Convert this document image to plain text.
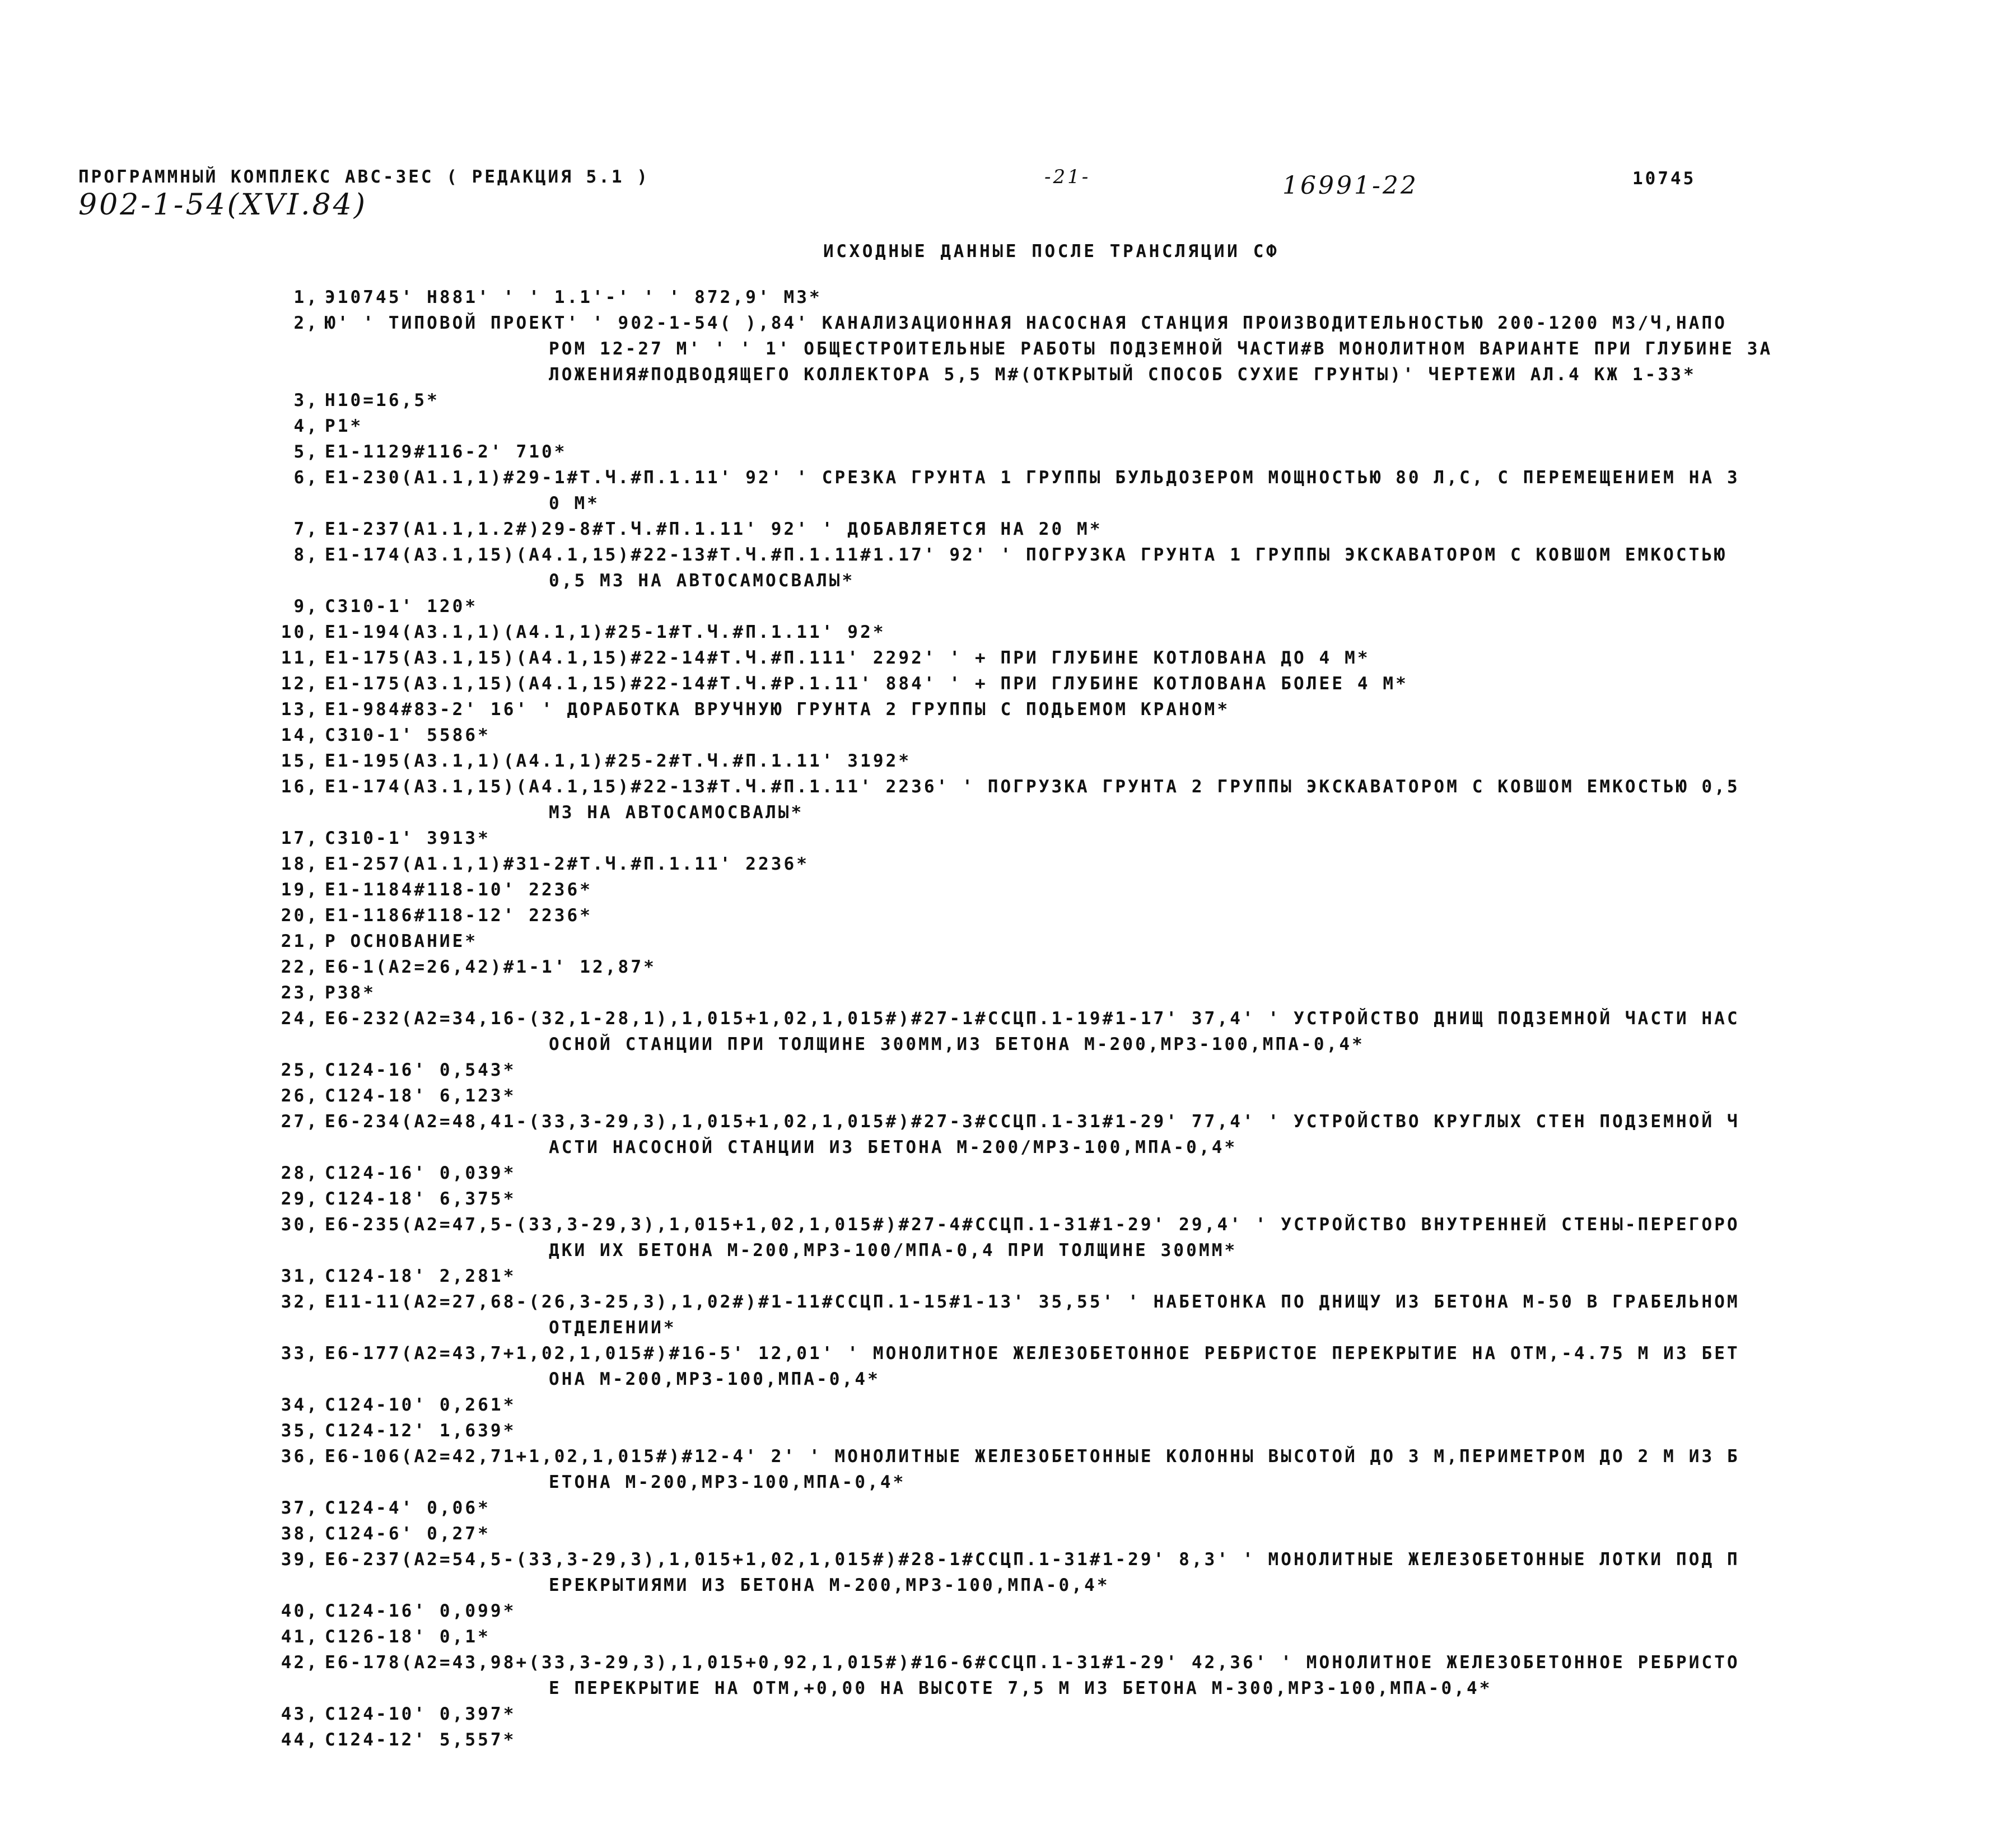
ПРОГРАММНЫЙ КОМПЛЕКС АВС-ЗЕС ( РЕДАКЦИЯ 5.1 )	-21-	16991-22	10745
902-1-54(XVI.84)
ИСХОДНЫЕ ДАННЫЕ ПОСЛЕ ТРАНСЛЯЦИИ СФ
1, Э10745' Н881' ' ' 1.1'-' ' ' 872,9' М3*
2, Ю' ' ТИПОВОЙ ПРОЕКТ' ' 902-1-54( ),84' КАНАЛИЗАЦИОННАЯ НАСОСНАЯ СТАНЦИЯ ПРОИЗВОДИТЕЛЬНОСТЬЮ 200-1200 М3/Ч,НАПО
РОМ 12-27 М' ' ' 1' ОБЩЕСТРОИТЕЛЬНЫЕ РАБОТЫ ПОДЗЕМНОЙ ЧАСТИ#В МОНОЛИТНОМ ВАРИАНТЕ ПРИ ГЛУБИНЕ ЗА
ЛОЖЕНИЯ#ПОДВОДЯЩЕГО КОЛЛЕКТОРА 5,5 М#(ОТКРЫТЫЙ СПОСОБ СУХИЕ ГРУНТЫ)' ЧЕРТЕЖИ АЛ.4 КЖ 1-33*
3, Н10=16,5*
4, Р1*
5, Е1-1129#116-2' 710*
6, Е1-230(А1.1,1)#29-1#Т.Ч.#П.1.11' 92' ' СРЕЗКА ГРУНТА 1 ГРУППЫ БУЛЬДОЗЕРОМ МОЩНОСТЬЮ 80 Л,С, С ПЕРЕМЕЩЕНИЕМ НА 3
0 М*
7, Е1-237(А1.1,1.2#)29-8#Т.Ч.#П.1.11' 92' ' ДОБАВЛЯЕТСЯ НА 20 М*
8, Е1-174(А3.1,15)(А4.1,15)#22-13#Т.Ч.#П.1.11#1.17' 92' ' ПОГРУЗКА ГРУНТА 1 ГРУППЫ ЭКСКАВАТОРОМ С КОВШОМ ЕМКОСТЬЮ
0,5 М3 НА АВТОСАМОСВАЛЫ*
9, С310-1' 120*
10, Е1-194(А3.1,1)(А4.1,1)#25-1#Т.Ч.#П.1.11' 92*
11, Е1-175(А3.1,15)(А4.1,15)#22-14#Т.Ч.#П.111' 2292' ' + ПРИ ГЛУБИНЕ КОТЛОВАНА ДО 4 М*
12, Е1-175(А3.1,15)(А4.1,15)#22-14#Т.Ч.#Р.1.11' 884' ' + ПРИ ГЛУБИНЕ КОТЛОВАНА БОЛЕЕ 4 М*
13, Е1-984#83-2' 16' ' ДОРАБОТКА ВРУЧНУЮ ГРУНТА 2 ГРУППЫ С ПОДЬЕМОМ КРАНОМ*
14, С310-1' 5586*
15, Е1-195(А3.1,1)(А4.1,1)#25-2#Т.Ч.#П.1.11' 3192*
16, Е1-174(А3.1,15)(А4.1,15)#22-13#Т.Ч.#П.1.11' 2236' ' ПОГРУЗКА ГРУНТА 2 ГРУППЫ ЭКСКАВАТОРОМ С КОВШОМ ЕМКОСТЬЮ 0,5
М3 НА АВТОСАМОСВАЛЫ*
17, С310-1' 3913*
18, Е1-257(А1.1,1)#31-2#Т.Ч.#П.1.11' 2236*
19, Е1-1184#118-10' 2236*
20, Е1-1186#118-12' 2236*
21, Р ОСНОВАНИЕ*
22, Е6-1(А2=26,42)#1-1' 12,87*
23, Р38*
24, Е6-232(А2=34,16-(32,1-28,1),1,015+1,02,1,015#)#27-1#ССЦП.1-19#1-17' 37,4' ' УСТРОЙСТВО ДНИЩ ПОДЗЕМНОЙ ЧАСТИ НАС
ОСНОЙ СТАНЦИИ ПРИ ТОЛЩИНЕ 300ММ,ИЗ БЕТОНА М-200,МРЗ-100,МПА-0,4*
25, С124-16' 0,543*
26, С124-18' 6,123*
27, Е6-234(А2=48,41-(33,3-29,3),1,015+1,02,1,015#)#27-3#ССЦП.1-31#1-29' 77,4' ' УСТРОЙСТВО КРУГЛЫХ СТЕН ПОДЗЕМНОЙ Ч
АСТИ НАСОСНОЙ СТАНЦИИ ИЗ БЕТОНА М-200/МРЗ-100,МПА-0,4*
28, С124-16' 0,039*
29, С124-18' 6,375*
30, Е6-235(А2=47,5-(33,3-29,3),1,015+1,02,1,015#)#27-4#ССЦП.1-31#1-29' 29,4' ' УСТРОЙСТВО ВНУТРЕННЕЙ СТЕНЫ-ПЕРЕГОРО
ДКИ ИХ БЕТОНА М-200,МРЗ-100/МПА-0,4 ПРИ ТОЛЩИНЕ 300ММ*
31, С124-18' 2,281*
32, Е11-11(А2=27,68-(26,3-25,3),1,02#)#1-11#ССЦП.1-15#1-13' 35,55' ' НАБЕТОНКА ПО ДНИЩУ ИЗ БЕТОНА М-50 В ГРАБЕЛЬНОМ
ОТДЕЛЕНИИ*
33, Е6-177(А2=43,7+1,02,1,015#)#16-5' 12,01' ' МОНОЛИТНОЕ ЖЕЛЕЗОБЕТОННОЕ РЕБРИСТОЕ ПЕРЕКРЫТИЕ НА ОТМ,-4.75 М ИЗ БЕТ
ОНА М-200,МРЗ-100,МПА-0,4*
34, С124-10' 0,261*
35, С124-12' 1,639*
36, Е6-106(А2=42,71+1,02,1,015#)#12-4' 2' ' МОНОЛИТНЫЕ ЖЕЛЕЗОБЕТОННЫЕ КОЛОННЫ ВЫСОТОЙ ДО 3 М,ПЕРИМЕТРОМ ДО 2 М ИЗ Б
ЕТОНА М-200,МРЗ-100,МПА-0,4*
37, С124-4' 0,06*
38, С124-6' 0,27*
39, Е6-237(А2=54,5-(33,3-29,3),1,015+1,02,1,015#)#28-1#ССЦП.1-31#1-29' 8,3' ' МОНОЛИТНЫЕ ЖЕЛЕЗОБЕТОННЫЕ ЛОТКИ ПОД П
ЕРЕКРЫТИЯМИ ИЗ БЕТОНА М-200,МРЗ-100,МПА-0,4*
40, С124-16' 0,099*
41, С126-18' 0,1*
42, Е6-178(А2=43,98+(33,3-29,3),1,015+0,92,1,015#)#16-6#ССЦП.1-31#1-29' 42,36' ' МОНОЛИТНОЕ ЖЕЛЕЗОБЕТОННОЕ РЕБРИСТО
Е ПЕРЕКРЫТИЕ НА ОТМ,+0,00 НА ВЫСОТЕ 7,5 М ИЗ БЕТОНА М-300,МРЗ-100,МПА-0,4*
43, С124-10' 0,397*
44, С124-12' 5,557*
